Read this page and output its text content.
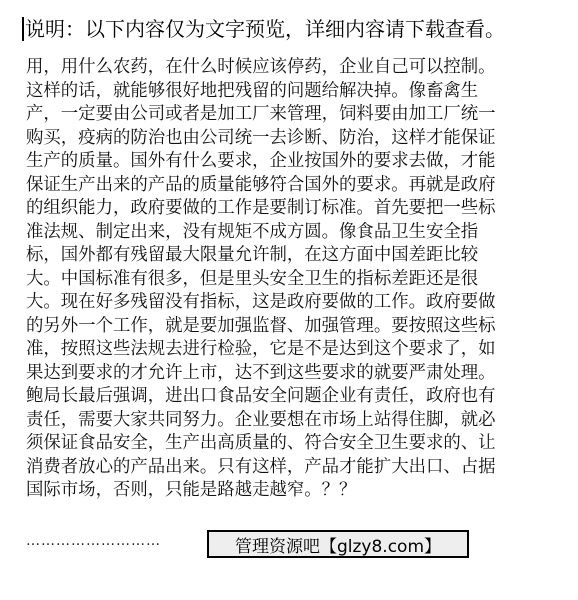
说明：以下内容仅为文字预览，详细内容请下载查看。
用，用什么农药，在什么时候应该停药，企业自己可以控制。
这样的话，就能够很好地把残留的问题给解决掉。像畜禽生
产，一定要由公司或者是加工厂来管理，饲料要由加工厂统一
购买，疫病的防治也由公司统一去诊断、防治，这样才能保证
生产的质量。国外有什么要求，企业按国外的要求去做，才能
保证生产出来的产品的质量能够符合国外的要求。再就是政府
的组织能力，政府要做的工作是要制订标准。首先要把一些标
准法规、制定出来，没有规矩不成方圆。像食品卫生安全指
标，国外都有残留最大限量允许制，在这方面中国差距比较
大。中国标准有很多，但是里头安全卫生的指标差距还是很
大。现在好多残留没有指标，这是政府要做的工作。政府要做
的另外一个工作，就是要加强监督、加强管理。要按照这些标
准，按照这些法规去进行检验，它是不是达到这个要求了，如
果达到要求的才允许上市，达不到这些要求的就要严肃处理。
鲍局长最后强调，进出口食品安全问题企业有责任，政府也有
责任，需要大家共同努力。企业要想在市场上站得住脚，就必
须保证食品安全，生产出高质量的、符合安全卫生要求的、让
消费者放心的产品出来。只有这样，产品才能扩大出口、占据
国际市场，否则，只能是路越走越窄。？？
………………………	管理资源吧【glzy8.com】
